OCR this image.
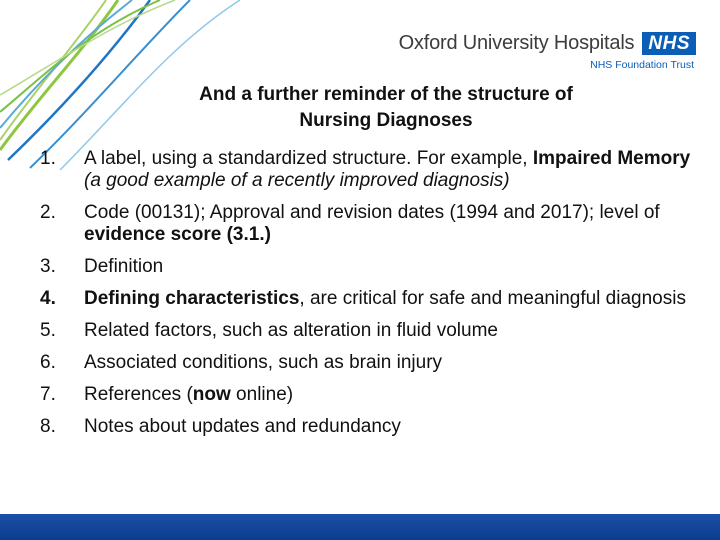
Oxford University Hospitals NHS
NHS Foundation Trust
And a further reminder of the structure of
Nursing Diagnoses
1.	A label, using a standardized structure. For example, Impaired Memory (a good example of a recently improved diagnosis)
2.	Code (00131); Approval and revision dates (1994 and 2017); level of evidence score (3.1.)
3.	Definition
4.	Defining characteristics, are critical for safe and meaningful diagnosis
5.	Related factors, such as alteration in fluid volume
6.	Associated conditions, such as brain injury
7.	References (now online)
8.	Notes about updates and redundancy
